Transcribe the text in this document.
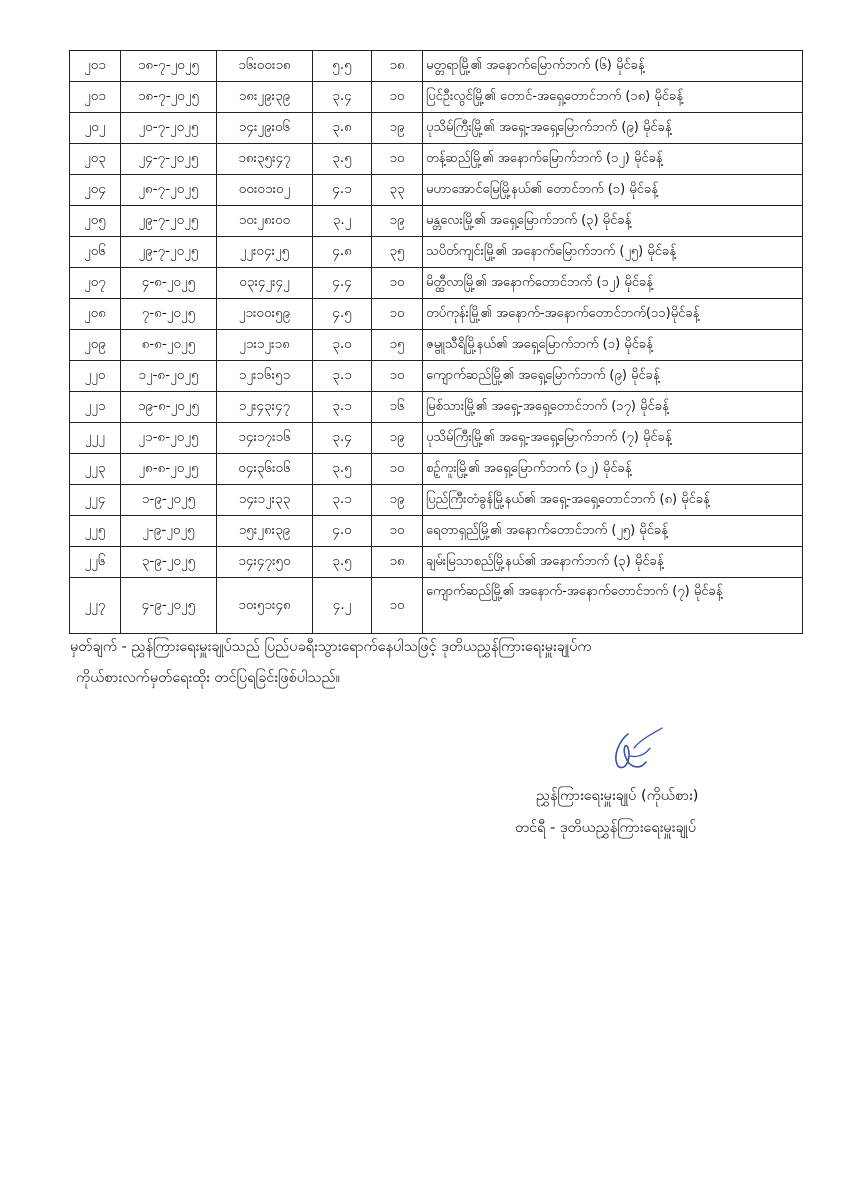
၂၀၁	၁၈-၇-၂၀၂၅	၁၆း၀၀း၁၈	၅.၅	၁၈	မတ္တရာမြို့၏ အနောက်မြောက်ဘက် (၆) မိုင်ခန့်
၂၀၁	၁၈-၇-၂၀၂၅	၁၈း၂၉း၃၉	၃.၄	၁၀	ပြင်ဦးလွင်မြို့၏ တောင်-အရှေ့တောင်ဘက် (၁၈) မိုင်ခန့်
၂၀၂	၂၀-၇-၂၀၂၅	၁၄း၂၉း၀၆	၃.၈	၁၉	ပုသိမ်ကြီးမြို့၏ အရှေ့-အရှေ့မြောက်ဘက် (၉) မိုင်ခန့်
၂၀၃	၂၄-၇-၂၀၂၅	၁၈း၃၅း၄၇	၃.၅	၁၀	တန့်ဆည်မြို့၏ အနောက်မြောက်ဘက် (၁၂) မိုင်ခန့်
၂၀၄	၂၈-၇-၂၀၂၅	၀၀း၀၁း၀၂	၄.၁	၃၃	မဟာအောင်မြေမြို့နယ်၏ တောင်ဘက် (၁) မိုင်ခန့်
၂၀၅	၂၉-၇-၂၀၂၅	၁၀း၂၈း၀၀	၃.၂	၁၉	မန္တလေးမြို့၏ အရှေ့မြောက်ဘက် (၃) မိုင်ခန့်
၂၀၆	၂၉-၇-၂၀၂၅	၂၂း၀၄း၂၅	၄.၈	၃၅	သပိတ်ကျင်းမြို့၏ အနောက်မြောက်ဘက် (၂၅) မိုင်ခန့်
၂၀၇	၄-၈-၂၀၂၅	၀၃း၄၂း၄၂	၄.၄	၁၀	မိတ္ထီလာမြို့၏ အနောက်တောင်ဘက် (၁၂) မိုင်ခန့်
၂၀၈	၇-၈-၂၀၂၅	၂၁း၀၀း၅၉	၄.၅	၁၀	တပ်ကုန်းမြို့၏ အနောက်-အနောက်တောင်ဘက်(၁၁)မိုင်ခန့်
၂၀၉	၈-၈-၂၀၂၅	၂၁း၁၂း၁၈	၃.၀	၁၅	ဇမ္ဗူသီရိမြို့နယ်၏ အရှေ့မြောက်ဘက် (၁) မိုင်ခန့်
၂၂၀	၁၂-၈-၂၀၂၅	၁၂း၁၆း၅၁	၃.၁	၁၀	ကျောက်ဆည်မြို့၏ အရှေ့မြောက်ဘက် (၉) မိုင်ခန့်
၂၂၁	၁၉-၈-၂၀၂၅	၁၂း၄၃း၄၇	၃.၁	၁၆	မြစ်သားမြို့၏ အရှေ့-အရှေ့တောင်ဘက် (၁၇) မိုင်ခန့်
၂၂၂	၂၁-၈-၂၀၂၅	၁၄း၁၇း၁၆	၃.၄	၁၉	ပုသိမ်ကြီးမြို့၏ အရှေ့-အရှေ့မြောက်ဘက် (၇) မိုင်ခန့်
၂၂၃	၂၈-၈-၂၀၂၅	၀၄း၃၆း၀၆	၃.၅	၁၀	စဥ့်ကူးမြို့၏ အရှေ့မြောက်ဘက် (၁၂) မိုင်ခန့်
၂၂၄	၁-၉-၂၀၂၅	၁၄း၁၂း၃၃	၃.၁	၁၉	ပြည်ကြီးတံခွန်မြို့နယ်၏ အရှေ့-အရှေ့တောင်ဘက် (၈) မိုင်ခန့်
၂၂၅	၂-၉-၂၀၂၅	၁၅း၂၈း၃၉	၄.၀	၁၀	ရေတာရှည်မြို့၏ အနောက်တောင်ဘက် (၂၅) မိုင်ခန့်
၂၂၆	၃-၉-၂၀၂၅	၁၄း၄၇း၅၀	၃.၅	၁၈	ချမ်းမြသာစည်မြို့နယ်၏ အနောက်ဘက် (၃) မိုင်ခန့်
၂၂၇	၄-၉-၂၀၂၅	၁၀း၅၁း၄၈	၄.၂	၁၀	ကျောက်ဆည်မြို့၏ အနောက်-အနောက်တောင်ဘက် (၇) မိုင်ခန့်
မှတ်ချက် - ညွှန်ကြားရေးမှူးချုပ်သည် ပြည်ပခရီးသွားရောက်နေပါသဖြင့် ဒုတိယညွှန်ကြားရေးမှူးချုပ်က
ကိုယ်စားလက်မှတ်ရေးထိုး တင်ပြရခြင်းဖြစ်ပါသည်။
ညွှန်ကြားရေးမှူးချုပ် (ကိုယ်စား)
တင်ရီ - ဒုတိယညွှန်ကြားရေးမှူးချုပ်
